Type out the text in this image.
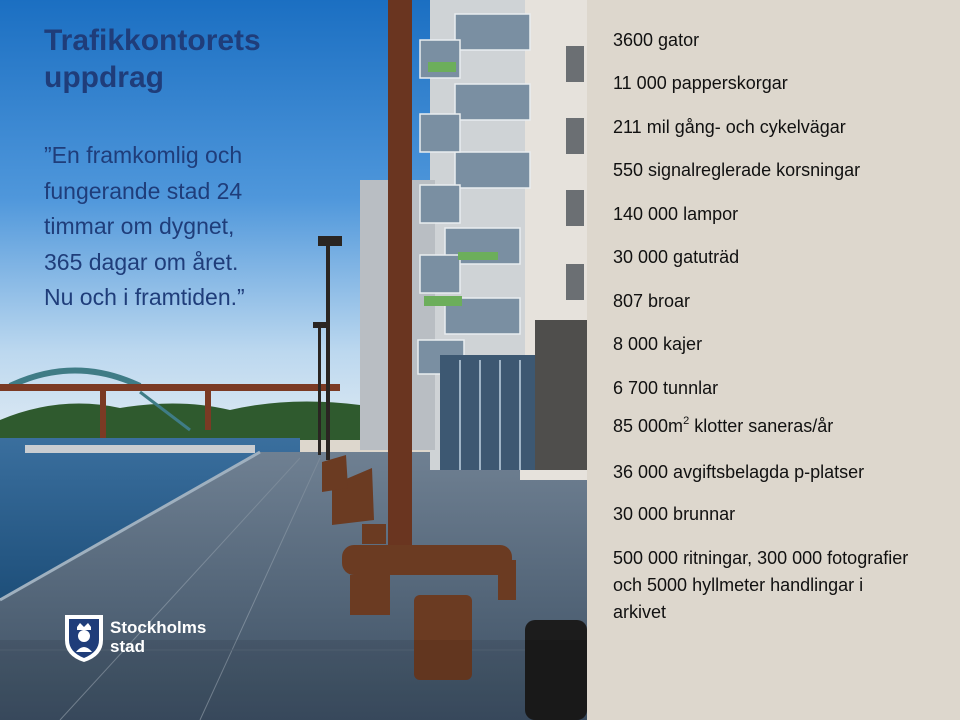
Trafikkontorets
uppdrag

”En framkomlig och
fungerande stad 24
timmar om dygnet,
365 dagar om året.
Nu och i framtiden.”

Stockholms
stad

3600 gator

11 000 papperskorgar

211 mil gång- och cykelvägar

550 signalreglerade korsningar

140 000 lampor

30 000 gatuträd

807 broar

8 000 kajer

6 700 tunnlar

85 $000m^2$ klotter saneras/år

36 000 avgiftsbelagda p-platser

30 000 brunnar

500 000 ritningar, 300 000 fotografier
och 5000 hyllmeter handlingar i
arkivet
